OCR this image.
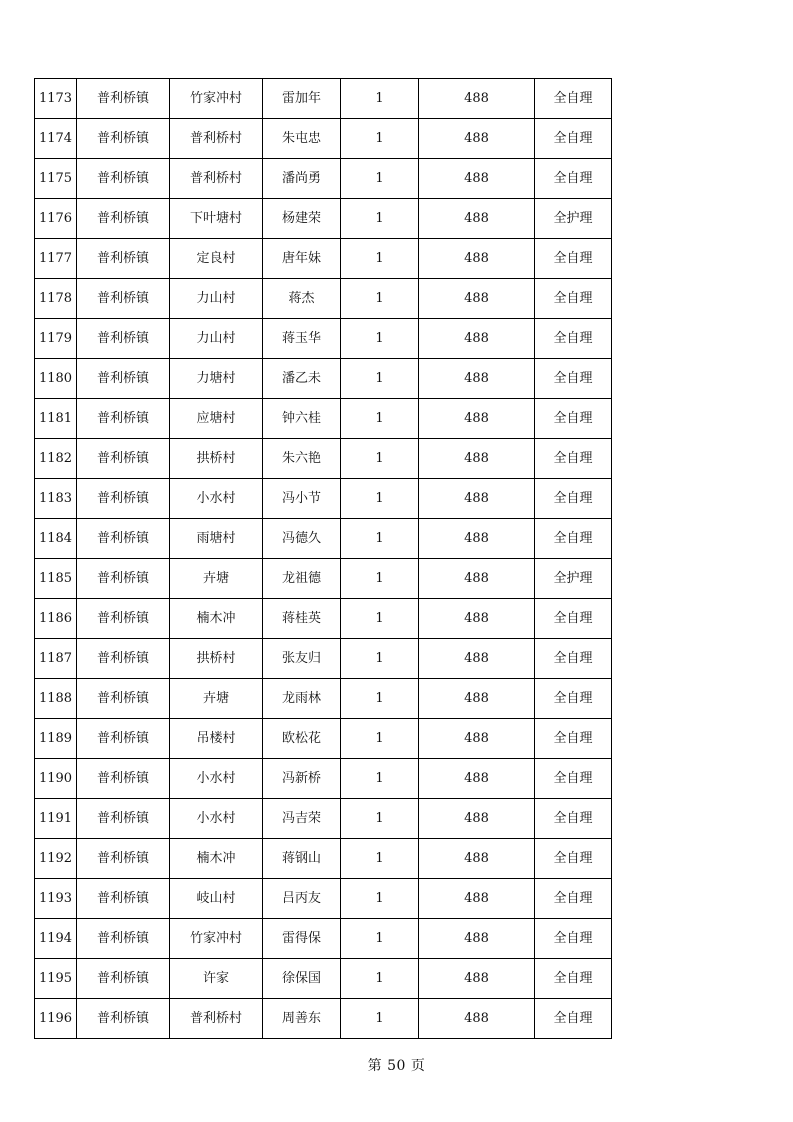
1173	普利桥镇	竹家冲村	雷加年	1	488	全自理
1174	普利桥镇	普利桥村	朱屯忠	1	488	全自理
1175	普利桥镇	普利桥村	潘尚勇	1	488	全自理
1176	普利桥镇	下叶塘村	杨建荣	1	488	全护理
1177	普利桥镇	定良村	唐年妹	1	488	全自理
1178	普利桥镇	力山村	蒋杰	1	488	全自理
1179	普利桥镇	力山村	蒋玉华	1	488	全自理
1180	普利桥镇	力塘村	潘乙未	1	488	全自理
1181	普利桥镇	应塘村	钟六桂	1	488	全自理
1182	普利桥镇	拱桥村	朱六艳	1	488	全自理
1183	普利桥镇	小水村	冯小节	1	488	全自理
1184	普利桥镇	雨塘村	冯德久	1	488	全自理
1185	普利桥镇	卉塘	龙祖德	1	488	全护理
1186	普利桥镇	楠木冲	蒋桂英	1	488	全自理
1187	普利桥镇	拱桥村	张友归	1	488	全自理
1188	普利桥镇	卉塘	龙雨林	1	488	全自理
1189	普利桥镇	吊楼村	欧松花	1	488	全自理
1190	普利桥镇	小水村	冯新桥	1	488	全自理
1191	普利桥镇	小水村	冯吉荣	1	488	全自理
1192	普利桥镇	楠木冲	蒋钢山	1	488	全自理
1193	普利桥镇	岐山村	吕丙友	1	488	全自理
1194	普利桥镇	竹家冲村	雷得保	1	488	全自理
1195	普利桥镇	许家	徐保国	1	488	全自理
1196	普利桥镇	普利桥村	周善东	1	488	全自理
第 50 页
